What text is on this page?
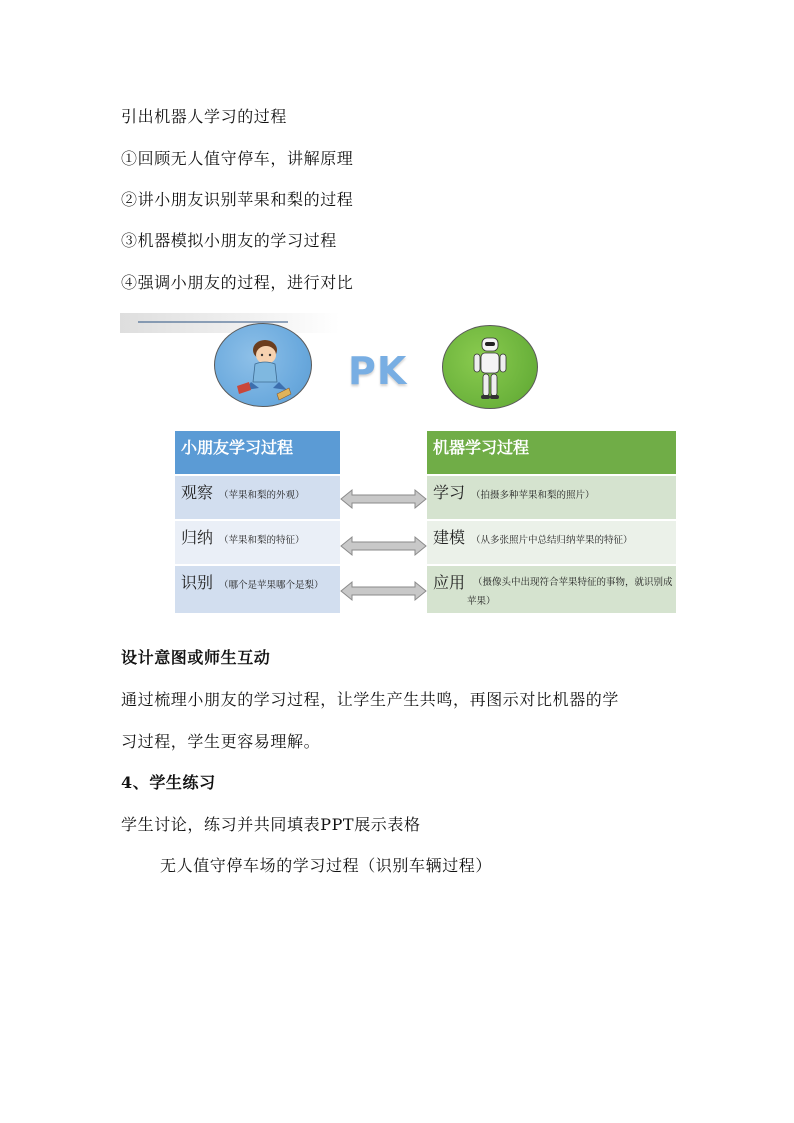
引出机器人学习的过程
①回顾无人值守停车，讲解原理
②讲小朋友识别苹果和梨的过程
③机器模拟小朋友的学习过程
④强调小朋友的过程，进行对比
PK
小朋友学习过程	机器学习过程
观察 （苹果和梨的外观）	学习 （拍摄多种苹果和梨的照片）
归纳 （苹果和梨的特征）	建模 （从多张照片中总结归纳苹果的特征）
识别 （哪个是苹果哪个是梨）	应用 （摄像头中出现符合苹果特征的事物，就识别成苹果）
设计意图或师生互动
通过梳理小朋友的学习过程，让学生产生共鸣，再图示对比机器的学
习过程，学生更容易理解。
4、学生练习
学生讨论，练习并共同填表PPT展示表格
无人值守停车场的学习过程（识别车辆过程）
